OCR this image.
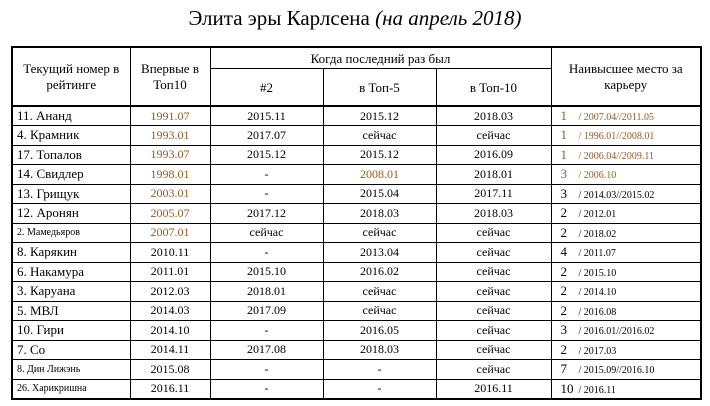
Элита эры Карлсена (на апрель 2018)
Текущий номер в рейтинге	Впервые в Топ10	Когда последний раз был			Наивысшее место за карьеру
		#2	в Топ-5	в Топ-10	
11. Ананд	1991.07	2015.11	2015.12	2018.03	1 / 2007.04//2011.05
4. Крамник	1993.01	2017.07	сейчас	сейчас	1 / 1996.01//2008.01
17. Топалов	1993.07	2015.12	2015.12	2016.09	1 / 2006.04//2009.11
14. Свидлер	1998.01	-	2008.01	2018.01	3 / 2006.10
13. Грищук	2003.01	-	2015.04	2017.11	3 / 2014.03//2015.02
12. Аронян	2005.07	2017.12	2018.03	2018.03	2 / 2012.01
2. Мамедьяров	2007.01	сейчас	сейчас	сейчас	2 / 2018.02
8. Карякин	2010.11	-	2013.04	сейчас	4 / 2011.07
6. Накамура	2011.01	2015.10	2016.02	сейчас	2 / 2015.10
3. Каруана	2012.03	2018.01	сейчас	сейчас	2 / 2014.10
5. МВЛ	2014.03	2017.09	сейчас	сейчас	2 / 2016.08
10. Гири	2014.10	-	2016.05	сейчас	3 / 2016.01//2016.02
7. Со	2014.11	2017.08	2018.03	сейчас	2 / 2017.03
8. Дин Лижэнь	2015.08	-	-	сейчас	7 / 2015.09//2016.10
26. Харикришна	2016.11	-	-	2016.11	10 / 2016.11
